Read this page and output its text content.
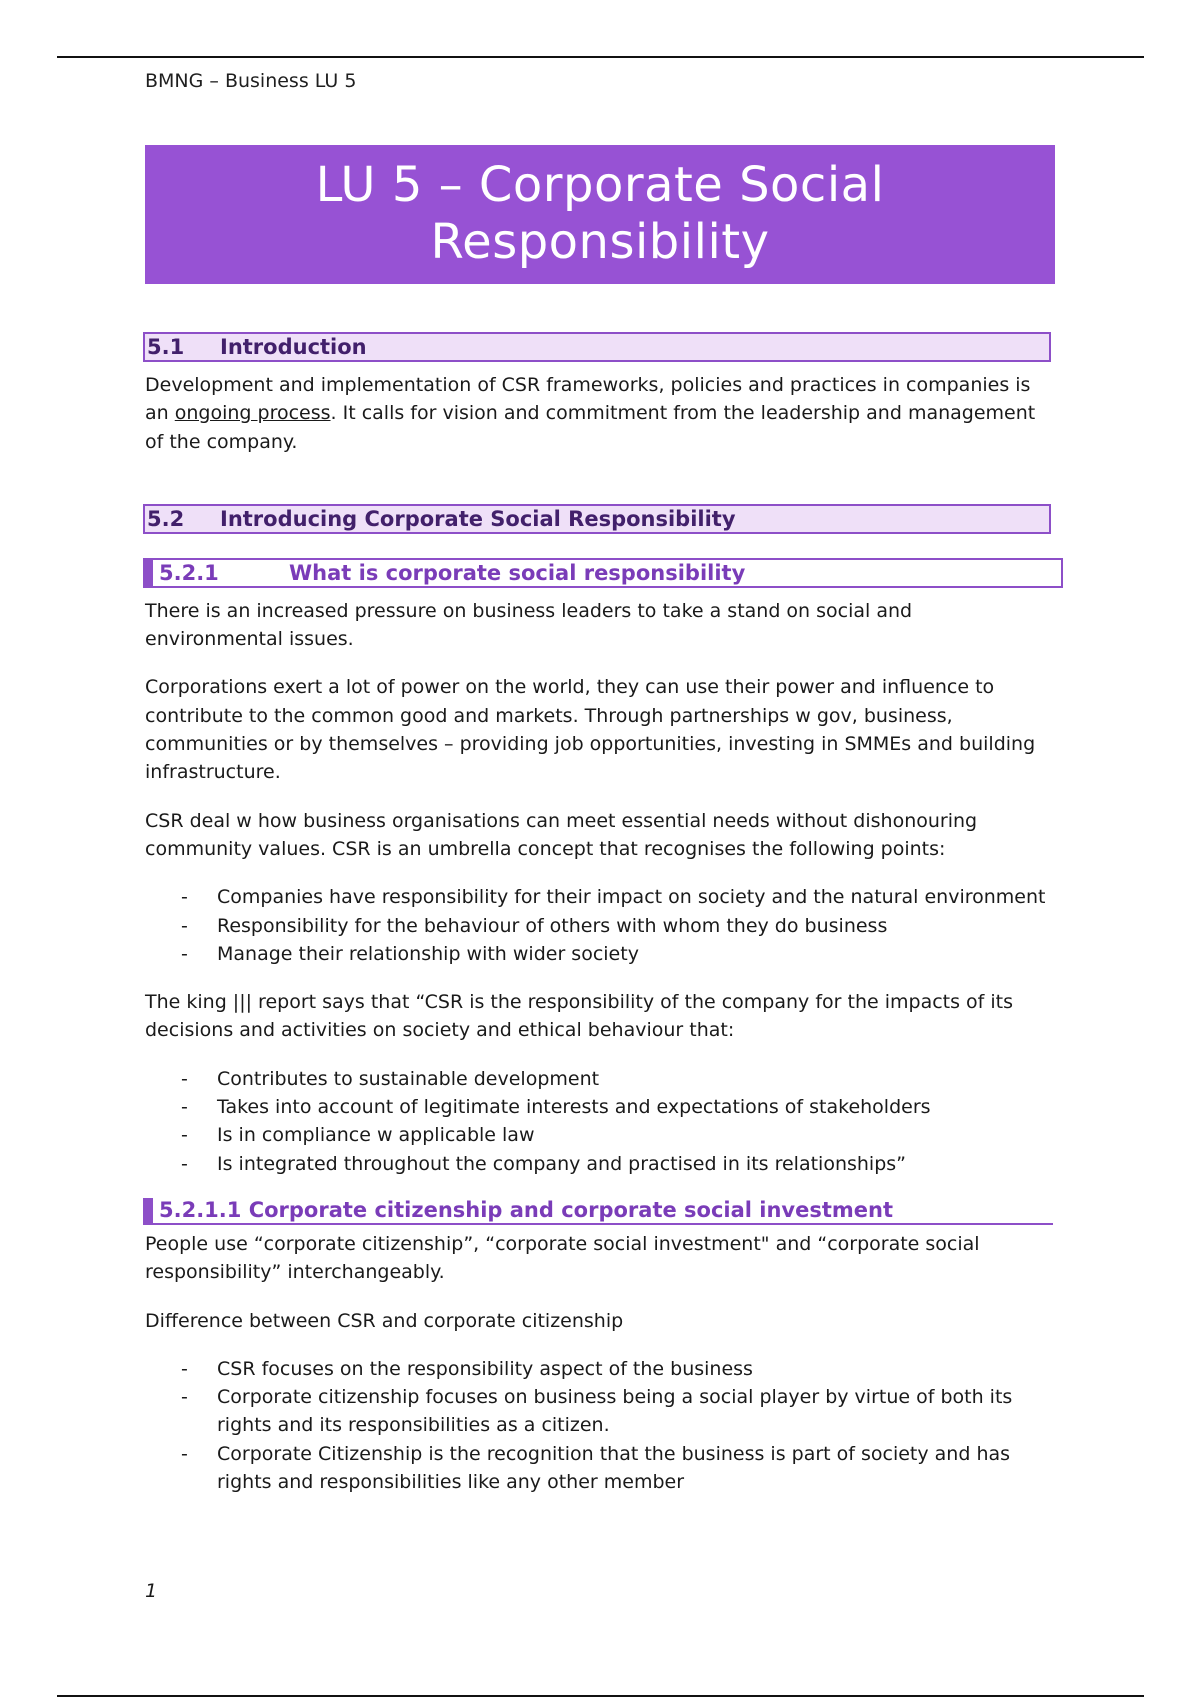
BMNG – Business LU 5
LU 5 – Corporate Social
Responsibility
5.1	Introduction

Development and implementation of CSR frameworks, policies and practices in companies is an ongoing process. It calls for vision and commitment from the leadership and management of the company.

5.2	Introducing Corporate Social Responsibility
5.2.1	What is corporate social responsibility

There is an increased pressure on business leaders to take a stand on social and environmental issues.

Corporations exert a lot of power on the world, they can use their power and influence to contribute to the common good and markets. Through partnerships w gov, business, communities or by themselves – providing job opportunities, investing in SMMEs and building infrastructure.

CSR deal w how business organisations can meet essential needs without dishonouring community values. CSR is an umbrella concept that recognises the following points:

- Companies have responsibility for their impact on society and the natural environment
- Responsibility for the behaviour of others with whom they do business
- Manage their relationship with wider society

The king ||| report says that “CSR is the responsibility of the company for the impacts of its decisions and activities on society and ethical behaviour that:

- Contributes to sustainable development
- Takes into account of legitimate interests and expectations of stakeholders
- Is in compliance w applicable law
- Is integrated throughout the company and practised in its relationships”
5.2.1.1 Corporate citizenship and corporate social investment

People use “corporate citizenship”, “corporate social investment" and “corporate social responsibility” interchangeably.

Difference between CSR and corporate citizenship

- CSR focuses on the responsibility aspect of the business
- Corporate citizenship focuses on business being a social player by virtue of both its rights and its responsibilities as a citizen.
- Corporate Citizenship is the recognition that the business is part of society and has rights and responsibilities like any other member
1
